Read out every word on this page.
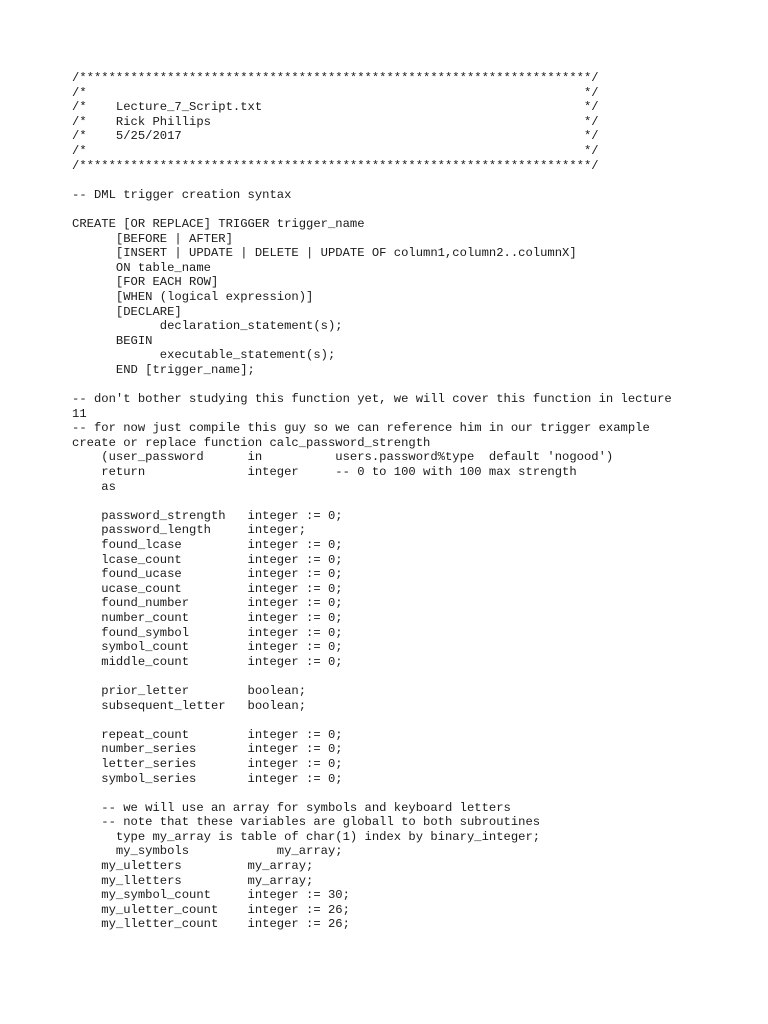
/**********************************************************************/
/*                                                                    */
/*    Lecture_7_Script.txt                                            */
/*    Rick Phillips                                                   */
/*    5/25/2017                                                       */
/*                                                                    */
/**********************************************************************/
-- DML trigger creation syntax
CREATE [OR REPLACE] TRIGGER trigger_name
[BEFORE | AFTER]
[INSERT | UPDATE | DELETE | UPDATE OF column1,column2..columnX]
ON table_name
[FOR EACH ROW]
[WHEN (logical expression)]
[DECLARE]
declaration_statement(s);
BEGIN
executable_statement(s);
END [trigger_name];
-- don't bother studying this function yet, we will cover this function in lecture
11
-- for now just compile this guy so we can reference him in our trigger example
create or replace function calc_password_strength
(user_password      in          users.password%type  default 'nogood')
return              integer     -- 0 to 100 with 100 max strength
as
password_strength   integer := 0;
password_length     integer;
found_lcase         integer := 0;
lcase_count         integer := 0;
found_ucase         integer := 0;
ucase_count         integer := 0;
found_number        integer := 0;
number_count        integer := 0;
found_symbol        integer := 0;
symbol_count        integer := 0;
middle_count        integer := 0;
prior_letter        boolean;
subsequent_letter   boolean;
repeat_count        integer := 0;
number_series       integer := 0;
letter_series       integer := 0;
symbol_series       integer := 0;
-- we will use an array for symbols and keyboard letters
-- note that these variables are globall to both subroutines
type my_array is table of char(1) index by binary_integer;
my_symbols            my_array;
my_uletters         my_array;
my_lletters         my_array;
my_symbol_count     integer := 30;
my_uletter_count    integer := 26;
my_lletter_count    integer := 26;
